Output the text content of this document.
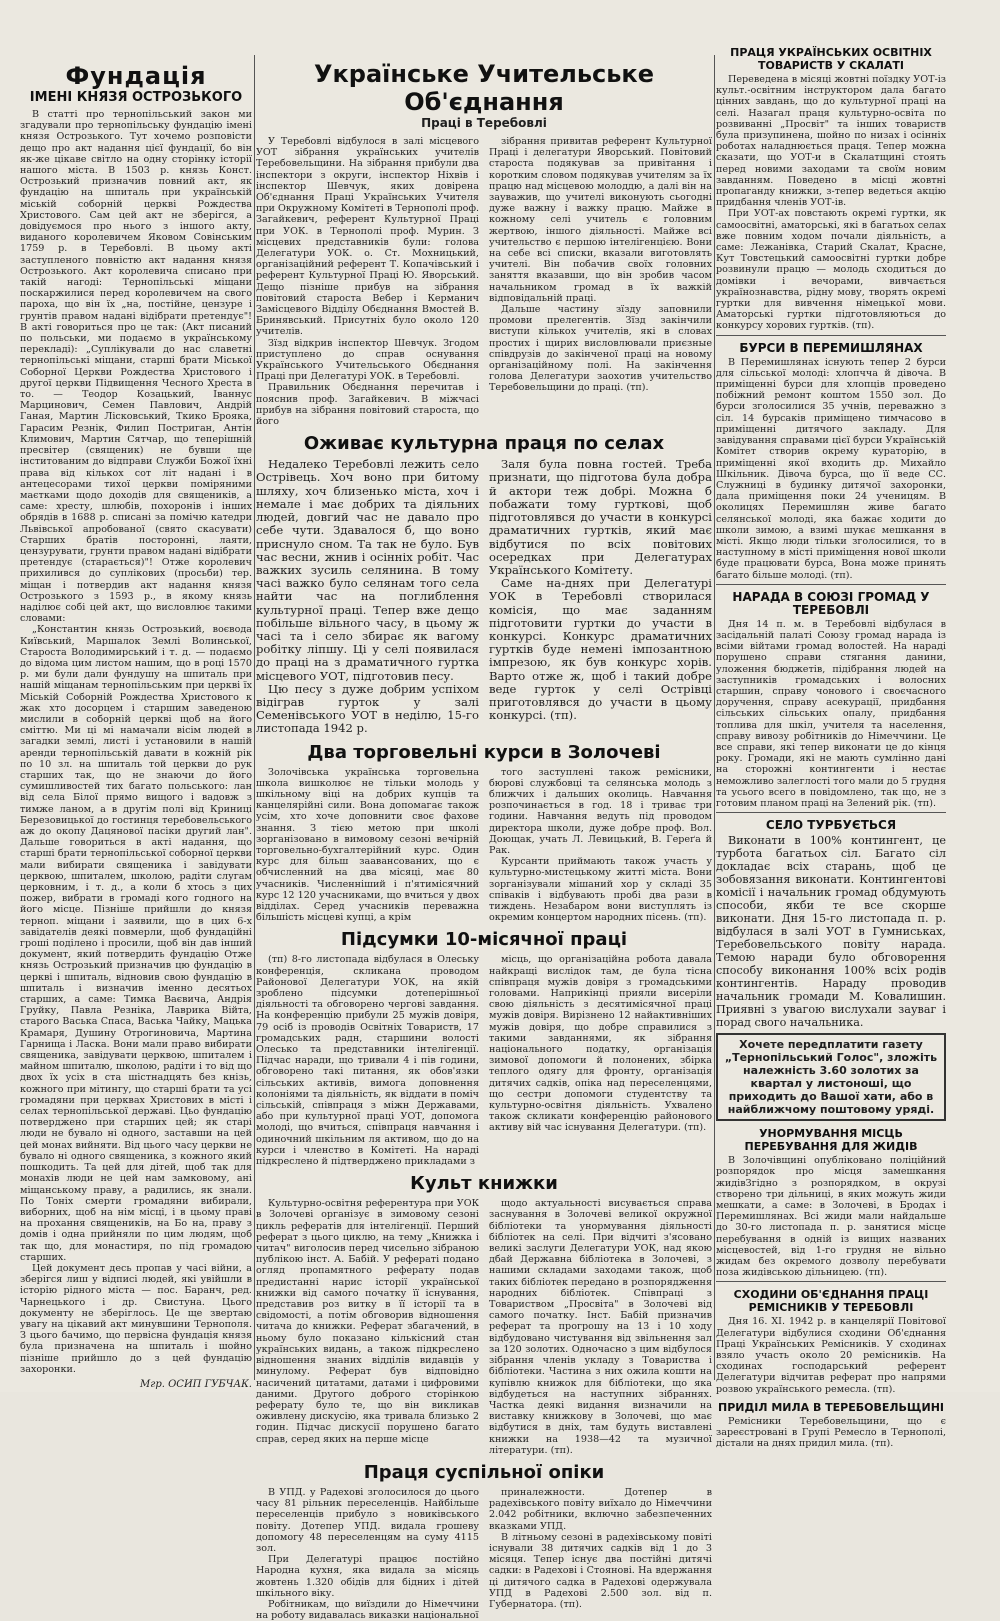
Фундація
ІМЕНІ КНЯЗЯ ОСТРОЗЬКОГО

В статті про тернопільський закон ми згадували про тернопільську фундацію імені князя Острозького. Тут хочемо розповісти дещо про акт надання цієї фундації, бо він як-же цікаве світло на одну сторінку історії нашого міста. В 1503 р. князь Конст. Острозький призначив повний акт, як фундацію на шпиталь при українській міській соборній церкві Рождества Христового. Сам цей акт не зберігся, а довідуємося про нього з іншого акту, виданого королевичем Яковом Совінським 1759 р. в Теребовлі. В цьому акті заступленого повністю акт надання князя Острозького. Акт королевича списано при такій нагоді: Тернопільські міщани поскаржилися перед королевичем на свого пароха, що він їх „на, постійне, цензуре і грунтів правом надані відібрати претендує"! В акті говориться про це так: (Акт писаний по польськи, ми подаємо в українському перекладі): „Суплікували до нас славетні тернопільські міщани, старші брати Міської Соборної Церкви Рождества Христового і другої церкви Підвищення Чесного Хреста в то. — Теодор Козацький, Іваннус Марцинович, Семен Павлович, Андрій Ганая, Мартин Лісковський, Ткико Брояка, Гарасим Резнік, Филип Постриган, Антін Климович, Мартин Сятчар, що теперішній пресвітер (священик) не бувши ще інститованим до відправи Служби Божої їхні права від кількох сот літ надані і в антецесорами тихої церкви поміряними маєтками щодо доходів для священиків, а саме: хресту, шлюбів, похоронів і інших обрядів в 1688 р. списані за помічю катедри Львівської апробованої (свято скасувати) Старших братів посторонні, лаяти, цензурувати, грунти правом надані відібрати претендує (старається)"! Отже королевич прихилився до суплікових (просьби) тер. міщан і потвердив акт надання князя Острозького з 1593 р., в якому князь наділює собі цей акт, що висловлює такими словами:

„Константин князь Острозький, воєвода Київський, Маршалок Землі Волинської, Староста Володимирський і т. д. — подаємо до відома цим листом нашим, що в році 1570 р. ми були дали фундушу на шпиталь при нашій міщанам тернопільським при церкві їх Міській Соборній Рождества Христового к жак хто досорцем і старшим заведеною мислили в соборній церкві щоб на його сміттю. Ми ці мі намачали вісім людей в загадки землі, листі і установили в нашій аренди тернопільській давати в кожній рік по 10 зл. на шпиталь той церкви до рук старших так, що не знаючи до його сумишливостей тих багато польського: лан від села Білої прямо вищого і вадовж з тимже ланом, а в другім полі від Криниці Березовицької до гостинця теребовельського аж до окопу Дацянової пасіки другий лан". Дальше говориться в акті надання, що старші брати тернопільської соборної церкви мали вибирати священика і завідувати церквою, шпиталем, школою, радіти слугам церковним, і т. д., а коли б хтось з цих пожер, вибрати в громаді кого годного на його місце. Пізніше прийшли до князя терноп. міщани і заявили, що в цих 6-х завідателів деякі повмерли, щоб фундаційні гроші поділено і просили, щоб він дав інший документ, який потвердить фундацію Отже князь Острозький призначив цю фундацію в церкві і шпиталь, відновив свою фундацію в шпиталь і визначив іменно десятьох старших, а саме: Тимка Ваєвича, Андрія Груйку, Павла Резніка, Лаврика Війта, старого Васька Спаса, Васька Чайку, Мацька Крамаря, Душину Отрогиновича, Мартина Гарнища і Ласка. Вони мали право вибирати священика, завідувати церквою, шпиталем і майном шпиталю, школою, радіти і то від що двох їх усіх в ста шістнадцять без кнізь, кожного при мітингу, що старші брати та усі громадяни при церквах Христових в місті і селах тернопільської державі. Цьо фундацію потверджено при старших цей; як старі люди не бувало ні одного, заставши на цей цей монах вийняти. Від цього часу церкви не бувало ні одного священика, з кожного який пошкодить. Та цей для дітей, щоб так для монахів люди не цей нам замковому, ані міщанському праву, а радились, як знали. По Тоніх смерти громадяни вибирали, виборних, щоб на нім місці, і в цьому праві на прохання священиків, на Бо на, праву з домів і одна прийняли по цим людям, щоб так що, для монастиря, по під громадою старших.

Цей документ десь пропав у часі війни, а зберігся лиш у відписі людей, які увійшли в історію рідного міста — пос. Баранч, ред. Чарнецького і др. Свистуна. Цього документу не зберіглось. Це ще звертаю увагу на цікавий акт минувшини Тернополя. З цього бачимо, що первісна фундація князя була призначена на шпиталь і шойно пізніше прийшло до з цей фундацію захоронки.

Мгр. ОСИП ГУБЧАК.
Українське Учительське Об'єднання
Праці в Теребовлі

У Теребовлі відбулося в залі місцевого УОТ зібрання українських учителів Теребовельщини. На зібрання прибули два інспектори з округи, інспектор Ніхвів і інспектор Шевчук, яких довірена Об'єднання Праці Українських Учителя при Окружному Комітеті в Тернополі проф. Загайкевич, референт Культурної Праці при УОК. в Тернополі проф. Мурин. З місцевих представників були: голова Делегатури УОК. о. Ст. Мохницький, організаційний референт Т. Копачівський і референт Культурної Праці Ю. Яворський. Дещо пізніше прибув на зібрання повітовий староста Вебер і Керманич Замісцевого Відділу Обєднання Вмостей В. Бринявський. Присутніх було около 120 учителів.

Зїзд відкрив інспектор Шевчук. Згодом приступлено до справ оснування Українського Учительського Обєднання Праці при Делегатурі УОК. в Теребовлі.

Правильник Обєднання перечитав і пояснив проф. Загайкевич. В міжчасі прибув на зібрання повітовий староста, що його

зібрання привитав референт Культурної Праці і делегатури Яворський. Повітовий староста подякував за привітання і коротким словом подякував учителям за їх працю над місцевою молоддю, а далі він на зауважив, що учителі виконують сьогодні дуже важну і важку працю. Майже в кожному селі учитель є головним жертвою, іншого діяльності. Майже всі учительство є першою інтелігенцією. Вони на себе всі списки, вказали виготовлять учителі. Він побачив своїх головних заняття вказавши, що він зробив часом начальником громад в їх важкій відповідальній праці.

Дальше частину зїзду заповнили промови прелегентів. Зїзд закінчили виступи кількох учителів, які в словах простих і щирих висловлювали приєзные співдрузів до закінченої праці на новому організаційному полі. На закінчення голова Делегатури заохотив учительство Теребовельщини до праці. (тп).

Оживає культурна праця по селах

Недалеко Теребовлі лежить село Острівець. Хоч воно при битому шляху, хоч близенько міста, хоч і немале і має добрих та діяльних людей, довгий час не давало про себе чути. Здавалося б, що воно приснуло сном. Та так не було. Був час весни, жнив і осінніх робіт. Час важких зусиль селянина. В тому часі важко було селянам того села найти час на поглиблення культурної праці. Тепер вже дещо побільше вільного часу, в цьому ж часі та і село збирає як вагому робітку ліпшу. Ці у селі появилася до праці на з драматичного гуртка місцевого УОТ, підготовив песу.

Цю песу з дуже добрим успіхом відіграв гурток у залі Семенівського УОТ в неділю, 15-го листопада 1942 р.

Заля була повна гостей. Треба признати, що підготова була добра й актори теж добрі. Можна б побажати тому гурткові, щоб підготовлявся до участи в конкурсі драматичних гуртків, який має відбутися по всіх повітових осередках при Делегатурах Українського Комітету.

Саме на-днях при Делегатурі УОК в Теребовлі створилася комісія, що має заданням підготовити гуртки до участи в конкурсі. Конкурс драматичних гуртків буде немені імпозантною імпрезою, як був конкурс хорів. Варто отже ж, щоб і такий добре веде гурток у селі Острівці приготовлявся до участи в цьому конкурсі. (тп).

Два торговельні курси в Золочеві

Золочівська українська торговельна школа вишколює не тільки молодь у шкільному віці на добрих купців та канцелярійні сили. Вона допомагає також усім, хто хоче доповнити своє фахове знання. З тією метою при школі зорганізовано в вимовому сезоні вечірній торговельно-бухгалтерійний курс. Один курс для більш заавансованих, що є обчисленний на два місяці, має 80 учасників. Численніший і п'ятимісячний курс 12 120 учасниками, що вчиться у двох відділах. Серед учасників переважна більшість місцеві купці, а крім

того заступлені також ремісники, бюрові службовці та селянська молодь з ближчих і дальших околиць. Навчання розпочинається в год. 18 і триває три години. Навчання ведуть під проводом директора школи, дуже добре проф. Вол. Доющак, учать Л. Левицький, В. Гереґа й Рак.

Курсанти приймають також участь у культурно-мистецькому житті міста. Вони зорганізували мішаний хор у складі 35 співаків і відбувають пробі два рази в тиждень. Незабаром вони виступлять із окремим концертом народних пісень. (тп).

Підсумки 10-місячної праці

(тп) 8-го листопада відбулася в Олеську конференція, скликана проводом Районової Делегатури УОК, на якій зроблено підсумки дотеперішньої діяльності та обговорено чергові завдання. На конференцію прибули 25 мужів довіря, 79 осіб із проводів Освітніх Товариств, 17 громадських радн, старшини волості Олесько та представники інтелігенції. Підчас наради, що тривали 4 і пів години, обговорено такі питання, як обов'язки сільських активів, вимога доповнення колоніями та діяльність, як віддати в поміч сільській, співпраця з міжн Державами, або при культурної праці УОТ, допомога молоді, що вчиться, співпраця навчання і одиночний шкільним ля активом, що до на курси і членство в Комітеті. На нараді підкреслено й підтверджено прикладами з

місць, що організаційна робота давала найкращі вислідок там, де була тісна співпраця мужів довіря з громадськими головами. Наприкінці прияли висеріли свою діяльність з десятимісячної праці мужів довіря. Вирізнено 12 найактивніших мужів довіря, що добре справилися з такими завданнями, як зібрання національного податку, організація зимової допомоги й полонених, збірка теплого одягу для фронту, організація дитячих садків, опіка над переселенцями, що сестри допомоги студентству та культурно-освітня діяльність. Ухвалено також скликати конференцію районового активу вій час існування Делегатури. (тп).

Культ книжки

Культурно-освітня референтура при УОК в Золочеві організує в зимовому сезоні цикль рефератів для інтелігенції. Перший реферат з цього циклю, на тему „Книжка і читач" виголосив перед чисельно зібраною публікою інст. А. Бабій. У рефераті подано огляд пропамятного реферату подав предистанні нарис історії української книжки від самого початку її існування, представив роз витку в її історії та в свідомості, а потім обговорив відношення читача до книжки. Реферат збагачений, в ньому було показано кількісний стан українських видань, а також підкреслено відношення знаних відділів видавців у минулому. Реферат був відповідно насичений цитатами, датами і цифровими даними. Другого доброго сторінкою реферату було те, що він викликав оживлену дискусію, яка тривала близько 2 годин. Підчас дискусії порушено багато справ, серед яких на перше місце

щодо актуальності висувається справа заснування в Золочеві великої окружної бібліотеки та унормування діяльності бібліотек на селі. При відчиті з'ясовано великі заслуги Делегатури УОК, над якою дбай Державна бібліотека в Золочеві, з нашими складами заходами також, щоб таких бібліотек передано в розпорядження народних бібліотек. Співпраці з Товариством „Просвіта" в Золочеві від самого початку. Інст. Бабій призначив реферат та прогрошу на 13 і 10 ходу відбудовано чистування від звільнення зал за 120 золотих. Одночасно з цим відбулося зібрання членів укладу з Товариства і бібліотеки. Частина з них ожила кошти на купівлю книжок для бібліотеки, що яка відбудеться на наступних зібраннях. Частка деякі видання визначили на виставку книжкову в Золочеві, що має відбутися в дніх, там будуть виставлені книжки на 1938—42 та музичної літератури. (тп).

Праця суспільної опіки

В УПД. у Радехові зголосилося до цього часу 81 рільник переселенців. Найбільше переселенців прибуло з новиківського повіту. Дотепер УПД. видала грошеву допомогу 48 переселенцям на суму 4115 зол.

При Делегатурі працює постійно Народна кухня, яка видала за місяць жовтень 1.320 обідів для бідних і дітей шкільного віку.

Робітникам, що виїздили до Німеччини на роботу видавалась виказки національної

приналежности. Дотепер в радехівського повіту виїхало до Німеччини 2.042 робітники, включно забезпеченних вказками УПД.

В літньому сезоні в радехівському повіті існували 38 дитячих садків від 1 до 3 місяця. Тепер існує два постійні дитячі садки: в Радехові і Стоянові. На вдержання ці дитячого садка в Радехові одержувала УПД в Радехові 2.500 зол. від п. Губернатора. (тп).

ПРАЦЯ УКРАЇНСЬКИХ ОСВІТНІХ ТОВАРИСТВ У СКАЛАТІ

Переведена в місяці жовтні поїздку УОТ-із культ.-освітним інструктором дала багато цінних завдань, що до культурної праці на селі. Назагал праця культурно-освіта по розвиванні „Просвіт" та інших товариств була призупинена, шойно по низах і осінніх роботах наладнюється праця. Тепер можна сказати, що УОТ-и в Скалатщині стоять перед новими заходами та своїм новим завданням. Поведено в місці жовтні пропаганду книжки, з-тепер ведеться акцію придбання членів УОТ-ів.

При УОТ-ах повстають окремі гуртки, як самоосвітні, аматорські, які в багатьох селах вже повним ходом почали діяльність, а саме: Лежанівка, Старий Скалат, Красне, Кут Товстецький самоосвітні гуртки добре розвинули працю — молодь сходиться до домівки і вечорами, вивчається українознавства, рідну мову, творять окремі гуртки для вивчення німецької мови. Аматорські гуртки підготовляються до конкурсу хорових гуртків. (тп).

БУРСИ В ПЕРЕМИШЛЯНАХ

В Перемишлянах існують тепер 2 бурси для сільської молоді: хлопчча й дівоча. В приміщенні бурси для хлопців проведено побіжний ремонт коштом 1550 зол. До бурси зголосилися 35 учнів, переважно з сіл. 14 бурсаків приміщено тимчасово в приміщенні дитячого закладу. Для завідування справами цієї бурси Українській Комітет створив окрему кураторію, в приміщенні якої входить др. Михайло Шкільник. Дівоча бурса, що її веде СС. Служниці в будинку дитячої захоронки, дала приміщення поки 24 ученицям. В околицях Перемишлян живе багато селянської молоді, яка бажає ходити до школи зимою, а взимі шукає мешкання в місті. Якщо люди тільки зголосилися, то в наступному в місті приміщення нової школи буде працювати бурса, Вона може принять багато більше молоді. (тп).

НАРАДА В СОЮЗІ ГРОМАД У ТЕРЕБОВЛІ

Дня 14 п. м. в Теребовлі відбулася в засідальній палаті Союзу громад нарада із всіми війтами громад волостей. На нараді порушено справи стягання данини, уложення бюджетів, підібрання людей на заступників громадських і волосних старшин, справу чонового і своєчасного доручення, справу асекурації, придбання сільських сільських опалу, придбання топлива для шкіл, учителя та населення, справу вивозу робітників до Німеччини. Це все справи, які тепер виконати це до кінця року. Громади, які не мають сумлінно дані на сторожні контингенти і нестає неможливо залеглості того мали до 5 грудня та усього всего в повідомлено, так що, не з готовим планом праці на Зелений рік. (тп).

СЕЛО ТУРБУЄТЬСЯ

Виконати в 100% контингент, це турбота багатьох сіл. Багато сіл докладає всіх старань, щоб це зобовязання виконати. Контингентові комісії і начальник громад обдумують способи, якби те все скорше виконати. Дня 15-го листопада п. р. відбулася в залі УОТ в Гумниськах, Теребовельського повіту нарада. Темою наради було обговорення способу виконання 100% всіх родів контингентів. Нараду проводив начальник громади М. Ковалишин. Приявні з увагою вислухали зауваг і порад свого начальника.

Хочете передплатити газету „Тернопільський Голос", зложіть належність 3.60 золотих за квартал у листоноші, що приходить до Вашої хати, або в найближчому поштовому уряді.
УНОРМУВАННЯ МІСЦЬ ПЕРЕБУВАННЯ ДЛЯ ЖИДІВ

В Золочівщині опубліковано поліційний розпорядок про місця замешкання жидівЗгідно з розпорядком, в окрузі створено три дільниці, в яких можуть жиди мешкати, а саме: в Золочеві, в Бродах і Перемишлянах. Всі жиди мали найдальше до 30-го листопада п. р. занятися місце перебування в одній із вищих названих місцевостей, від 1-го грудня не вільно жидам без окремого дозволу перебувати поза жидівською дільницею. (тп).

СХОДИНИ ОБ'ЄДНАННЯ ПРАЦІ РЕМІСНИКІВ У ТЕРЕБОВЛІ

Дня 16. XI. 1942 р. в канцелярії Повітової Делегатури відбулися сходини Об'єднання Праці Українських Ремісників. У сходинах взяло участь около 20 ремісників. На сходинах господарський референт Делегатури відчитав реферат про напрями розвою українського ремесла. (тп).

ПРИДІЛ МИЛА В ТЕРЕБОВЕЛЬЩИНІ

Ремісники Теребовельщини, що є зареєстровані в Групі Ремесло в Тернополі, дістали на днях придил мила. (тп).
